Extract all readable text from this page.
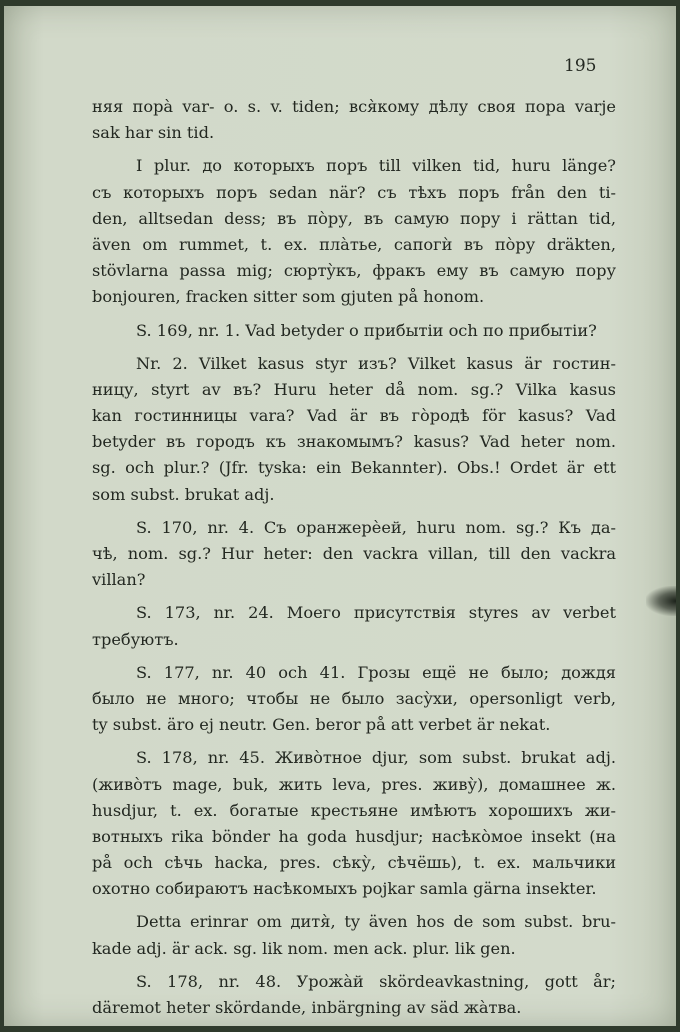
195
няя пора̀ var- o. s. v. tiden; вся̀кому дѣлу своя пора varje
sak har sin tid.
I plur. до которыхъ поръ till vilken tid, huru länge?
съ которыхъ поръ sedan när? съ тѣхъ поръ från den ti-
den, alltsedan dess; въ по̀ру, въ самую пору i rättan tid,
även om rummet, t. ex. пла̀тье, сапогѝ въ по̀ру dräkten,
stövlarna passa mig; сюрту̀къ, фракъ ему въ самую пору
bonjouren, fracken sitter som gjuten på honom.
S. 169, nr. 1. Vad betyder о прибытіи och по прибытіи?
Nr. 2. Vilket kasus styr изъ? Vilket kasus är гостин-
ницу, styrt av въ? Huru heter då nom. sg.? Vilka kasus
kan гостинницы vara? Vad är въ го̀родѣ för kasus? Vad
betyder въ городъ къ знакомымъ? kasus? Vad heter nom.
sg. och plur.? (Jfr. tyska: ein Bekannter). Obs.! Ordet är ett
som subst. brukat adj.
S. 170, nr. 4. Съ оранжерѐей, huru nom. sg.? Къ да-
чѣ, nom. sg.? Hur heter: den vackra villan, till den vackra
villan?
S. 173, nr. 24. Моего присутствія styres av verbet
требуютъ.
S. 177, nr. 40 och 41. Грозы ещё не было; дождя
было не много; чтобы не было засу̀хи, opersonligt verb,
ty subst. äro ej neutr. Gen. beror på att verbet är nekat.
S. 178, nr. 45. Живо̀тное djur, som subst. brukat adj.
(живо̀тъ mage, buk, жить leva, pres. живу̀), домашнее ж.
husdjur, t. ex. богатые крестьяне имѣютъ хорошихъ жи-
вотныхъ rika bönder ha goda husdjur; насѣко̀мое insekt (на
på och сѣчь hacka, pres. сѣку̀, сѣчёшь), t. ex. мальчики
охотно собираютъ насѣкомыхъ pojkar samla gärna insekter.
Detta erinrar om дитя̀, ty även hos de som subst. bru-
kade adj. är ack. sg. lik nom. men ack. plur. lik gen.
S. 178, nr. 48. Урожа̀й skördeavkastning, gott år;
däremot heter skördande, inbärgning av säd жа̀тва.
